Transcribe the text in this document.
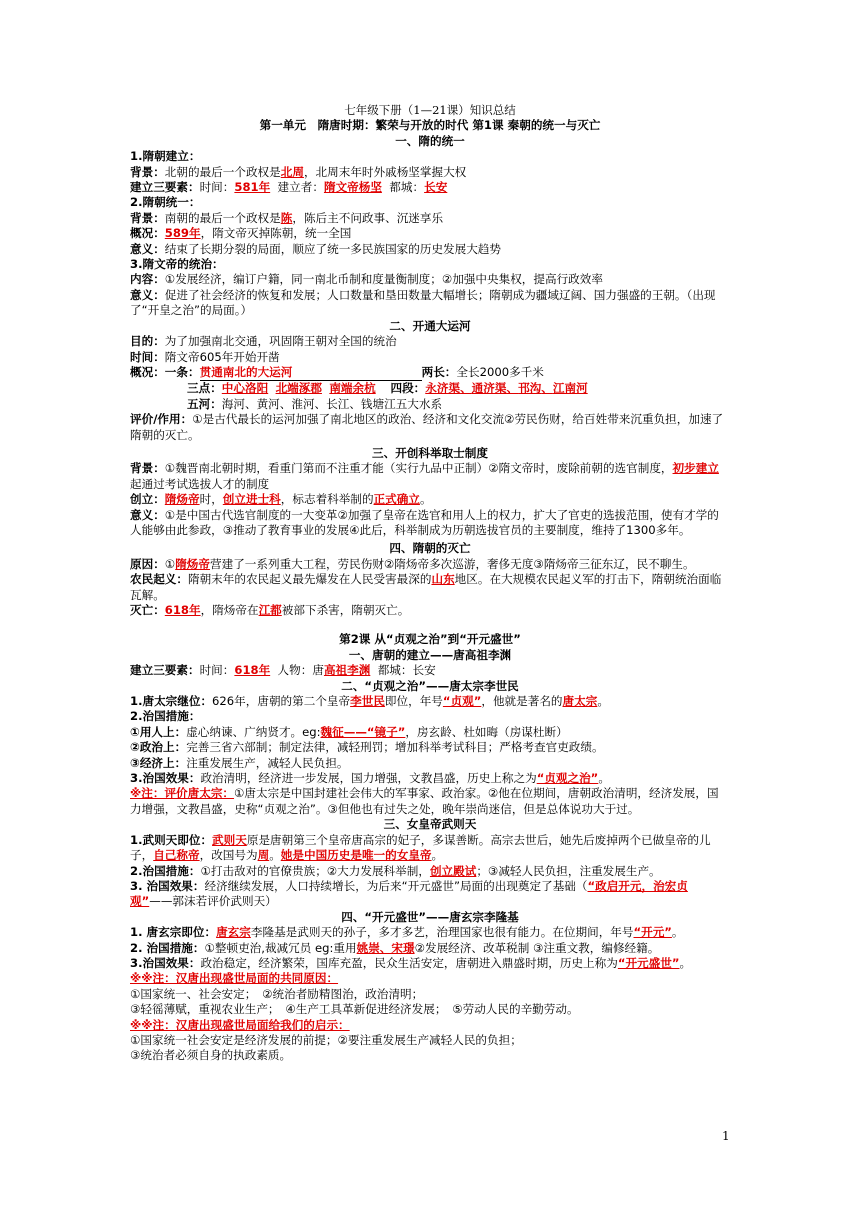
七年级下册（1—21课）知识总结
第一单元　隋唐时期：繁荣与开放的时代 第1课 秦朝的统一与灭亡
一、隋的统一
1.隋朝建立：
背景：北朝的最后一个政权是北周，北周末年时外戚杨坚掌握大权
建立三要素：时间：581年 建立者：隋文帝杨坚 都城：长安
2.隋朝统一：
背景：南朝的最后一个政权是陈，陈后主不问政事、沉迷享乐
概况：589年，隋文帝灭掉陈朝，统一全国
意义：结束了长期分裂的局面，顺应了统一多民族国家的历史发展大趋势
3.隋文帝的统治：
内容：①发展经济，编订户籍，同一南北币制和度量衡制度；②加强中央集权，提高行政效率
意义：促进了社会经济的恢复和发展；人口数量和垦田数量大幅增长；隋朝成为疆域辽阔、国力强盛的王朝。（出现了“开皇之治”的局面。）
二、开通大运河
目的：为了加强南北交通，巩固隋王朝对全国的统治
时间：隋文帝605年开始开凿
概况：一条：贯通南北的大运河	两长：全长2000多千米
三点：中心洛阳 北端涿郡 南端余杭 四段：永济渠、通济渠、邗沟、江南河
五河：海河、黄河、淮河、长江、钱塘江五大水系
评价/作用：①是古代最长的运河加强了南北地区的政治、经济和文化交流②劳民伤财，给百姓带来沉重负担，加速了隋朝的灭亡。
三、开创科举取士制度
背景：①魏晋南北朝时期，看重门第而不注重才能（实行九品中正制）②隋文帝时，废除前朝的选官制度，初步建立起通过考试选拔人才的制度
创立：隋炀帝时，创立进士科，标志着科举制的正式确立。
意义：①是中国古代选官制度的一大变革②加强了皇帝在选官和用人上的权力，扩大了官吏的选拔范围，使有才学的人能够由此参政，③推动了教育事业的发展④此后，科举制成为历朝选拔官员的主要制度，维持了1300多年。
四、隋朝的灭亡
原因：①隋炀帝营建了一系列重大工程，劳民伤财②隋炀帝多次巡游，奢侈无度③隋炀帝三征东辽，民不聊生。
农民起义：隋朝末年的农民起义最先爆发在人民受害最深的山东地区。在大规模农民起义军的打击下，隋朝统治面临瓦解。
灭亡：618年，隋炀帝在江都被部下杀害，隋朝灭亡。
第2课 从“贞观之治”到“开元盛世”
一、唐朝的建立——唐高祖李渊
建立三要素：时间：618年 人物：唐高祖李渊 都城：长安
二、“贞观之治”——唐太宗李世民
1.唐太宗继位：626年，唐朝的第二个皇帝李世民即位，年号“贞观”，他就是著名的唐太宗。
2.治国措施：
①用人上：虚心纳谏、广纳贤才。eg:魏征——“镜子”，房玄龄、杜如晦（房谋杜断）
②政治上：完善三省六部制；制定法律，减轻刑罚；增加科举考试科目；严格考查官吏政绩。
③经济上：注重发展生产，减轻人民负担。
3.治国效果：政治清明，经济进一步发展，国力增强，文教昌盛，历史上称之为“贞观之治”。
※注：评价唐太宗：①唐太宗是中国封建社会伟大的军事家、政治家。②他在位期间，唐朝政治清明，经济发展，国力增强，文教昌盛，史称“贞观之治”。③但他也有过失之处，晚年崇尚迷信，但是总体说功大于过。
三、女皇帝武则天
1.武则天即位：武则天原是唐朝第三个皇帝唐高宗的妃子，多谋善断。高宗去世后，她先后废掉两个已做皇帝的儿子，自己称帝，改国号为周。她是中国历史是唯一的女皇帝。
2.治国措施：①打击敌对的官僚贵族；②大力发展科举制，创立殿试；③减轻人民负担，注重发展生产。
3. 治国效果：经济继续发展，人口持续增长，为后来“开元盛世”局面的出现奠定了基础（“政启开元，治宏贞观”——郭沫若评价武则天）
四、“开元盛世”——唐玄宗李隆基
1. 唐玄宗即位：唐玄宗李隆基是武则天的孙子，多才多艺，治理国家也很有能力。在位期间，年号“开元”。
2. 治国措施：①整顿吏治,裁减冗员 eg:重用姚崇、宋璟②发展经济、改革税制 ③注重文教，编修经籍。
3.治国效果：政治稳定，经济繁荣，国库充盈，民众生活安定，唐朝进入鼎盛时期，历史上称为“开元盛世”。
※※注：汉唐出现盛世局面的共同原因：
①国家统一、社会安定；　②统治者励精图治，政治清明；
③轻徭薄赋，重视农业生产；　④生产工具革新促进经济发展；　⑤劳动人民的辛勤劳动。
※※注：汉唐出现盛世局面给我们的启示：
①国家统一社会安定是经济发展的前提；②要注重发展生产减轻人民的负担；
③统治者必须自身的执政素质。
1
